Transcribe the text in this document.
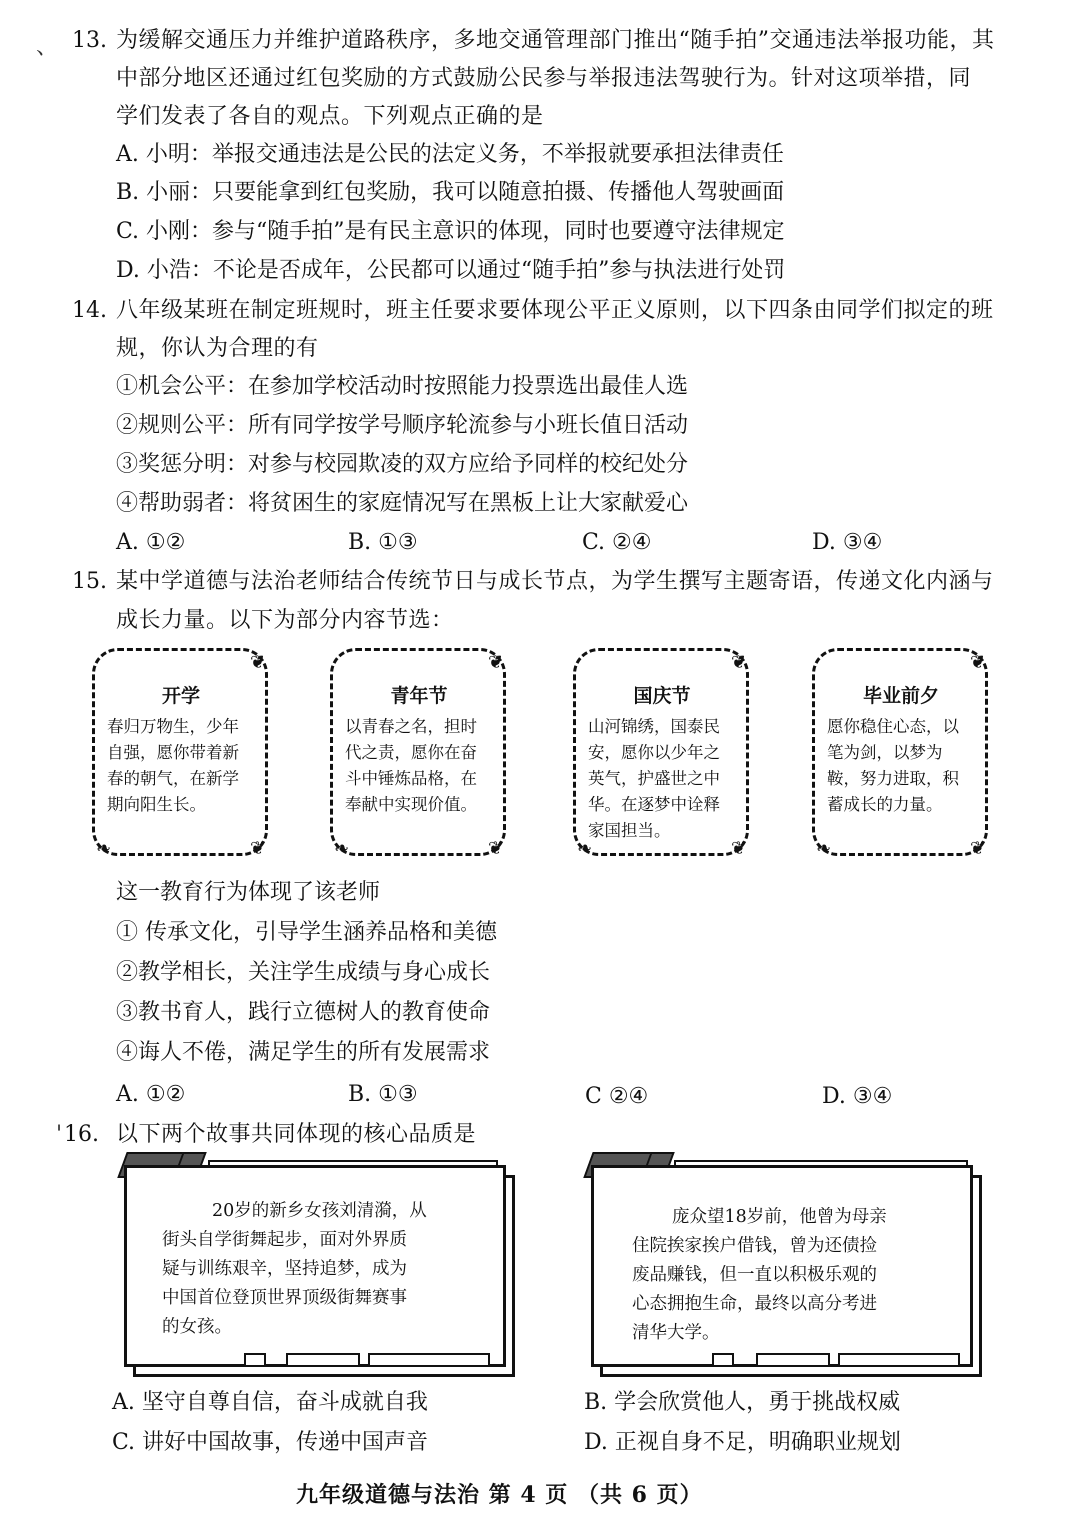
、 13. 为缓解交通压力并维护道路秩序，多地交通管理部门推出“随手拍”交通违法举报功能，其
中部分地区还通过红包奖励的方式鼓励公民参与举报违法驾驶行为。针对这项举措，同
学们发表了各自的观点。下列观点正确的是
A. 小明：举报交通违法是公民的法定义务，不举报就要承担法律责任
B. 小丽：只要能拿到红包奖励，我可以随意拍摄、传播他人驾驶画面
C. 小刚：参与“随手拍”是有民主意识的体现，同时也要遵守法律规定
D. 小浩：不论是否成年，公民都可以通过“随手拍”参与执法进行处罚
14. 八年级某班在制定班规时，班主任要求要体现公平正义原则，以下四条由同学们拟定的班
规，你认为合理的有
①机会公平：在参加学校活动时按照能力投票选出最佳人选
②规则公平：所有同学按学号顺序轮流参与小班长值日活动
③奖惩分明：对参与校园欺凌的双方应给予同样的校纪处分
④帮助弱者：将贫困生的家庭情况写在黑板上让大家献爱心
A. ①②	B. ①③	C. ②④	D. ③④
15. 某中学道德与法治老师结合传统节日与成长节点，为学生撰写主题寄语，传递文化内涵与
成长力量。以下为部分内容节选：
开学
春归万物生，少年自强，愿你带着新春的朝气，在新学期向阳生长。
青年节
以青春之名，担时代之责，愿你在奋斗中锤炼品格，在奉献中实现价值。
国庆节
山河锦绣，国泰民安，愿你以少年之英气，护盛世之中华。在逐梦中诠释家国担当。
毕业前夕
愿你稳住心态，以笔为剑，以梦为鞍，努力进取，积蓄成长的力量。
❦
❧	❦
❦
❧	❦
❦
❧	❦
❦
❧	❦
这一教育行为体现了该老师
① 传承文化，引导学生涵养品格和美德
②教学相长，关注学生成绩与身心成长
③教书育人，践行立德树人的教育使命
④诲人不倦，满足学生的所有发展需求
A. ①②	B. ①③	C ②④	D. ③④
' 16. 以下两个故事共同体现的核心品质是
20岁的新乡女孩刘清漪，从
街头自学街舞起步，面对外界质
疑与训练艰辛，坚持追梦，成为
中国首位登顶世界顶级街舞赛事
的女孩。
庞众望18岁前，他曾为母亲
住院挨家挨户借钱，曾为还债捡
废品赚钱，但一直以积极乐观的
心态拥抱生命，最终以高分考进
清华大学。
A. 坚守自尊自信，奋斗成就自我	B. 学会欣赏他人，勇于挑战权威
C. 讲好中国故事，传递中国声音	D. 正视自身不足，明确职业规划
九年级道德与法治 第 4 页 （共 6 页）
